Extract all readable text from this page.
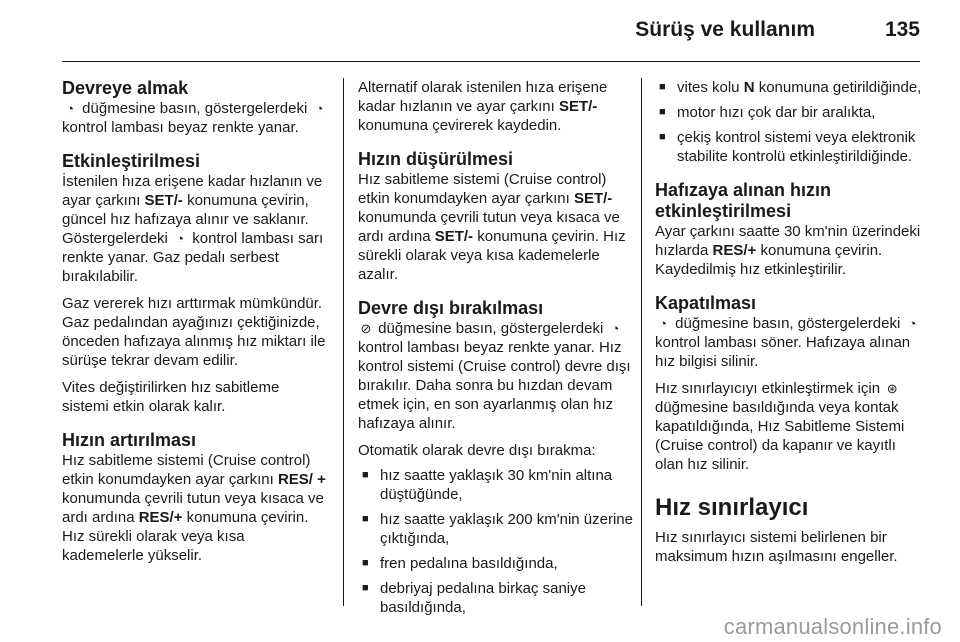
Sürüş ve kullanım	135
Devreye almak

◔ düğmesine basın, göstergelerdeki ◔ kontrol lambası beyaz renkte yanar.

Etkinleştirilmesi

İstenilen hıza erişene kadar hızlanın ve ayar çarkını SET/- konumuna çevirin, güncel hız hafızaya alınır ve saklanır. Göstergelerdeki ◔ kontrol lambası sarı renkte yanar. Gaz pedalı serbest bırakılabilir.

Gaz vererek hızı arttırmak mümkündür. Gaz pedalından ayağınızı çektiğinizde, önceden hafızaya alınmış hız miktarı ile sürüşe tekrar devam edilir.

Vites değiştirilirken hız sabitleme sistemi etkin olarak kalır.

Hızın artırılması

Hız sabitleme sistemi (Cruise control) etkin konumdayken ayar çarkını RES/ + konumunda çevrili tutun veya kısaca ve ardı ardına RES/+ konumuna çevirin. Hız sürekli olarak veya kısa kademelerle yükselir.

Alternatif olarak istenilen hıza erişene kadar hızlanın ve ayar çarkını SET/- konumuna çevirerek kaydedin.

Hızın düşürülmesi

Hız sabitleme sistemi (Cruise control) etkin konumdayken ayar çarkını SET/- konumunda çevrili tutun veya kısaca ve ardı ardına SET/- konumuna çevirin. Hız sürekli olarak veya kısa kademelerle azalır.

Devre dışı bırakılması

⊘ düğmesine basın, göstergelerdeki ◔ kontrol lambası beyaz renkte yanar. Hız kontrol sistemi (Cruise control) devre dışı bırakılır. Daha sonra bu hızdan devam etmek için, en son ayarlanmış olan hız hafızaya alınır.

Otomatik olarak devre dışı bırakma:

■ hız saatte yaklaşık 30 km'nin altına düştüğünde,
■ hız saatte yaklaşık 200 km'nin üzerine çıktığında,
■ fren pedalına basıldığında,
■ debriyaj pedalına birkaç saniye basıldığında,
■ vites kolu N konumuna getirildiğinde,
■ motor hızı çok dar bir aralıkta,
■ çekiş kontrol sistemi veya elektronik stabilite kontrolü etkinleştirildiğinde.
Hafızaya alınan hızın etkinleştirilmesi

Ayar çarkını saatte 30 km'nin üzerindeki hızlarda RES/+ konumuna çevirin. Kaydedilmiş hız etkinleştirilir.

Kapatılması

◔ düğmesine basın, göstergelerdeki ◔ kontrol lambası söner. Hafızaya alınan hız bilgisi silinir.

Hız sınırlayıcıyı etkinleştirmek için ⊛ düğmesine basıldığında veya kontak kapatıldığında, Hız Sabitleme Sistemi (Cruise control) da kapanır ve kayıtlı olan hız silinir.

Hız sınırlayıcı

Hız sınırlayıcı sistemi belirlenen bir maksimum hızın aşılmasını engeller.

carmanualsonline.info
